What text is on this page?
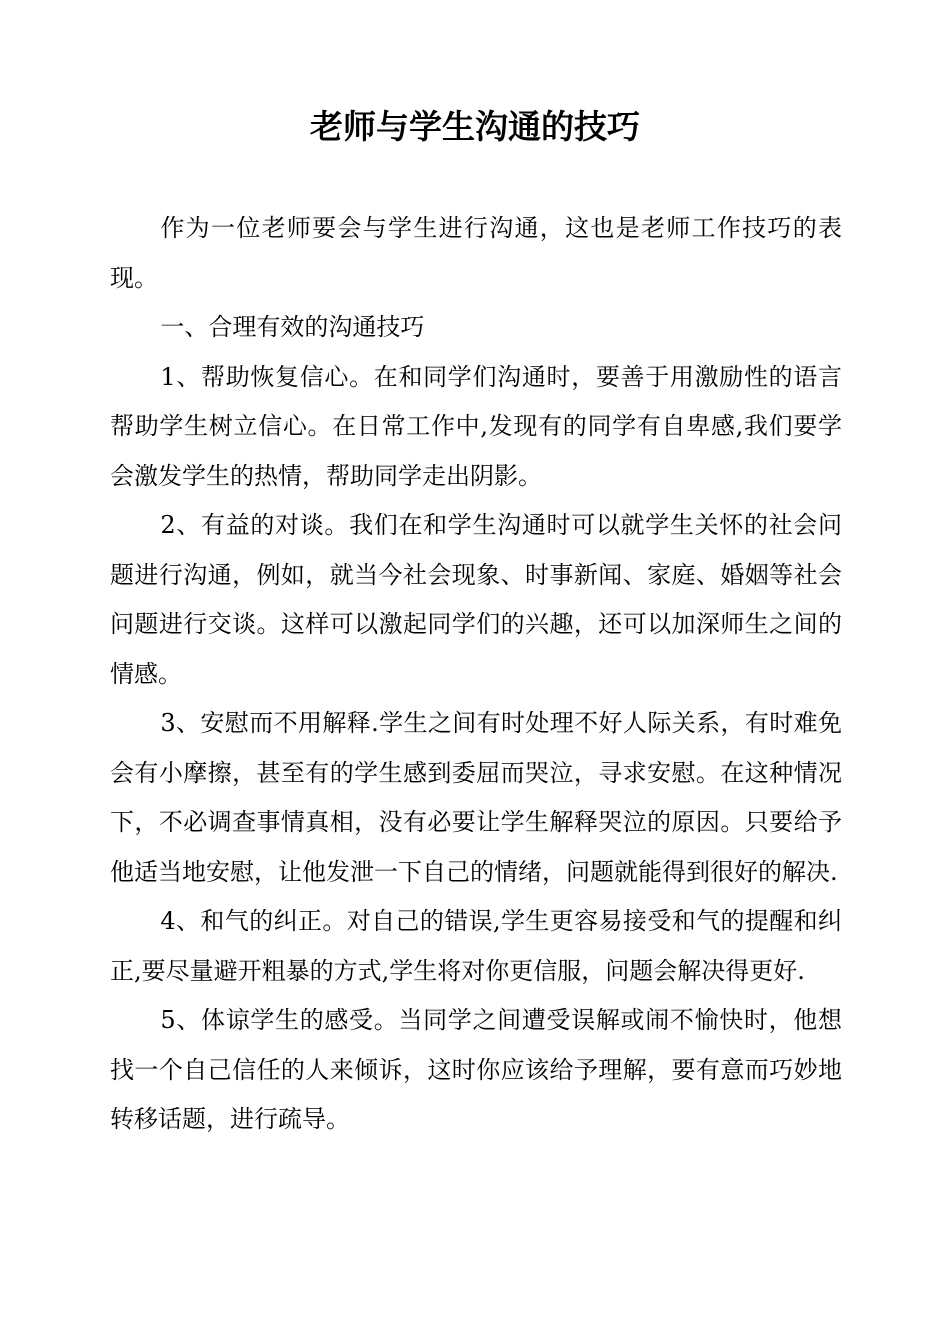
老师与学生沟通的技巧

作为一位老师要会与学生进行沟通，这也是老师工作技巧的表现。

一、合理有效的沟通技巧

1、帮助恢复信心。在和同学们沟通时，要善于用激励性的语言帮助学生树立信心。在日常工作中,发现有的同学有自卑感,我们要学会激发学生的热情，帮助同学走出阴影。

2、有益的对谈。我们在和学生沟通时可以就学生关怀的社会问题进行沟通，例如，就当今社会现象、时事新闻、家庭、婚姻等社会问题进行交谈。这样可以激起同学们的兴趣，还可以加深师生之间的情感。

3、安慰而不用解释.学生之间有时处理不好人际关系，有时难免会有小摩擦，甚至有的学生感到委屈而哭泣，寻求安慰。在这种情况下，不必调查事情真相，没有必要让学生解释哭泣的原因。只要给予他适当地安慰，让他发泄一下自己的情绪，问题就能得到很好的解决.

4、和气的纠正。对自己的错误,学生更容易接受和气的提醒和纠正,要尽量避开粗暴的方式,学生将对你更信服，问题会解决得更好.

5、体谅学生的感受。当同学之间遭受误解或闹不愉快时，他想找一个自己信任的人来倾诉，这时你应该给予理解，要有意而巧妙地转移话题，进行疏导。
